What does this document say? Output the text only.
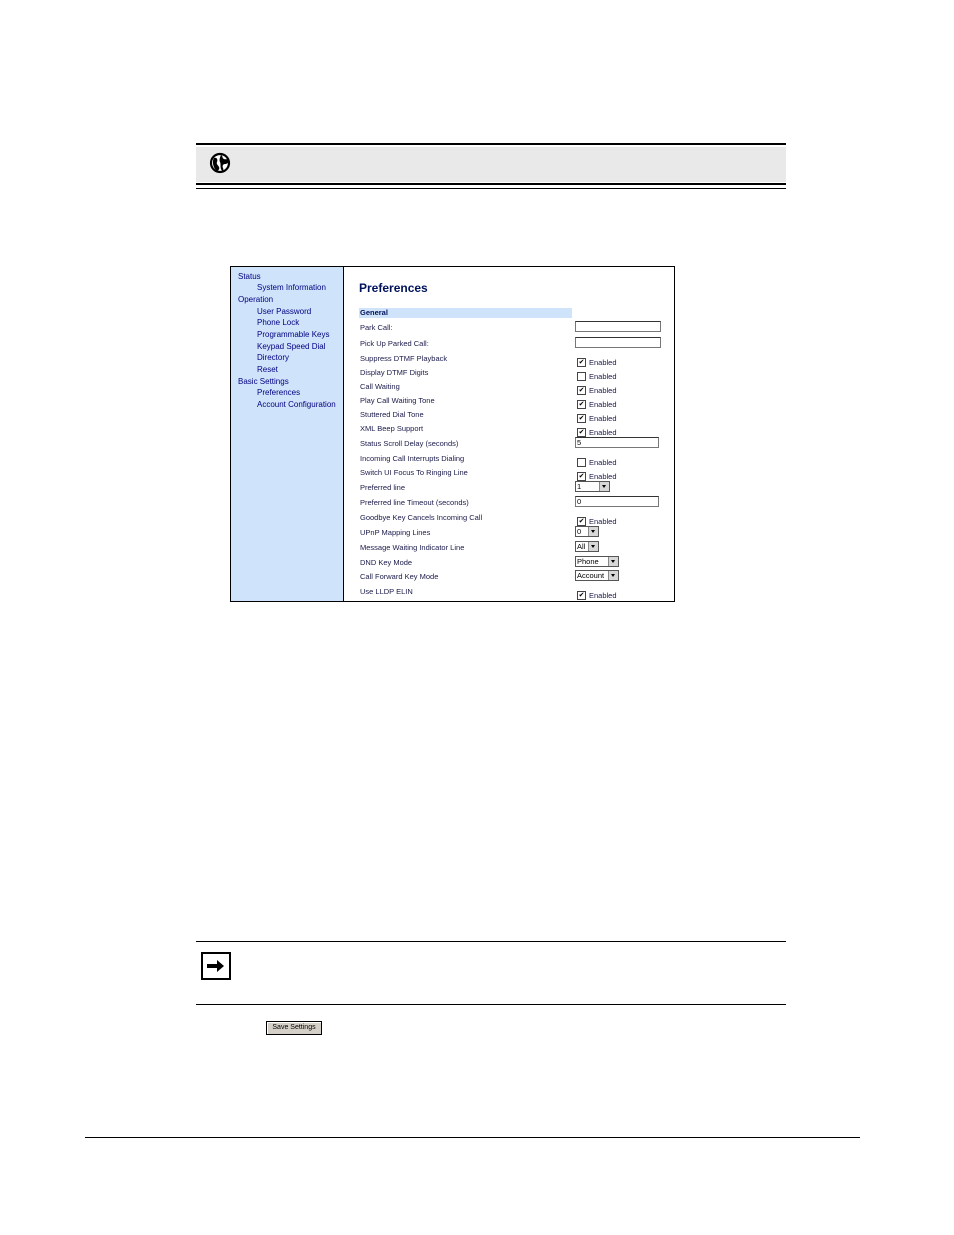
Status
System Information
Operation
User Password
Phone Lock
Programmable Keys
Keypad Speed Dial
Directory
Reset
Basic Settings
Preferences
Account Configuration
Preferences
General
Park Call:
Pick Up Parked Call:
Suppress DTMF Playback	✔ Enabled
Display DTMF Digits	Enabled
Call Waiting	✔ Enabled
Play Call Waiting Tone	✔ Enabled
Stuttered Dial Tone	✔ Enabled
XML Beep Support	✔ Enabled
Status Scroll Delay (seconds)	5
Incoming Call Interrupts Dialing	Enabled
Switch UI Focus To Ringing Line	✔ Enabled
Preferred line	1
Preferred line Timeout (seconds)	0
Goodbye Key Cancels Incoming Call	✔ Enabled
UPnP Mapping Lines	0
Message Waiting Indicator Line	All
DND Key Mode	Phone
Call Forward Key Mode	Account
Use LLDP ELIN	✔ Enabled
Save Settings
